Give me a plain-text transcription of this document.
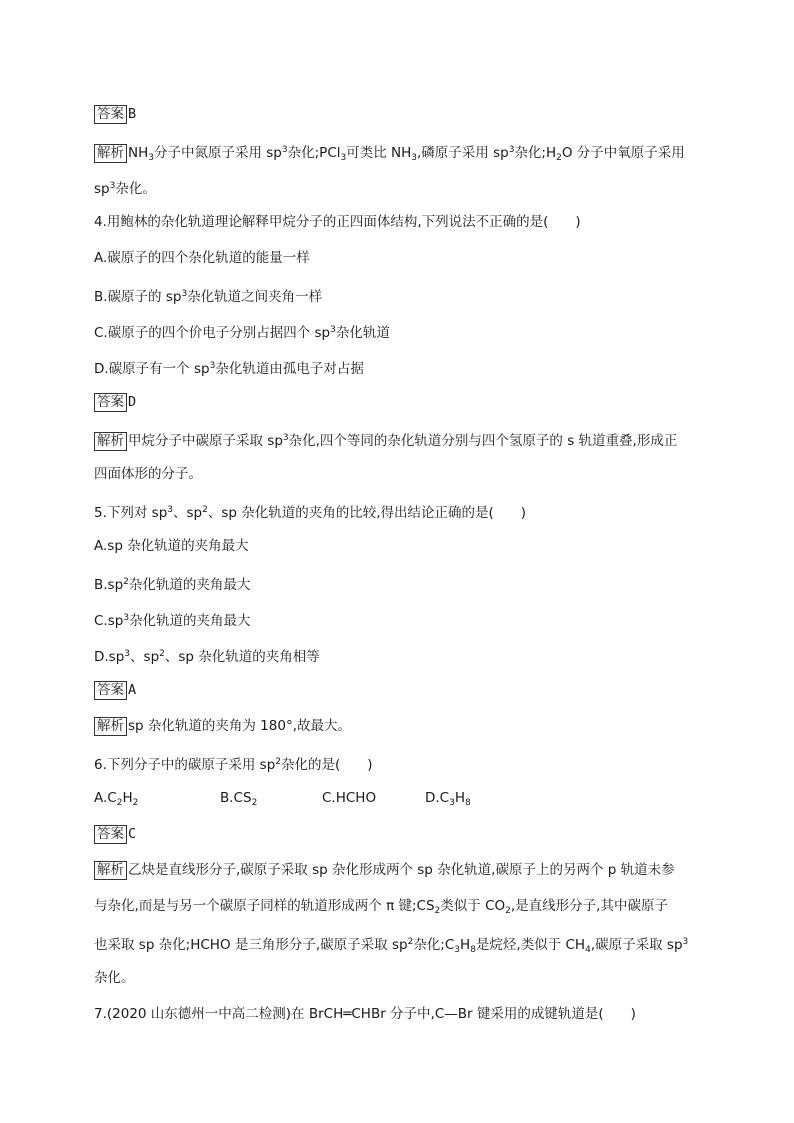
答案 B
解析 $NH_3$分子中氮原子采用 $sp^3$杂化;PCl$_3$可类比 $NH_3$,磷原子采用 $sp^3$杂化$;H_2O$ 分子中氧原子采用
$sp^3$杂化。
4.用鲍林的杂化轨道理论解释甲烷分子的正四面体结构,下列说法不正确的是(　　)
A.碳原子的四个杂化轨道的能量一样
B.碳原子的 $sp^3$杂化轨道之间夹角一样
C.碳原子的四个价电子分别占据四个 $sp^3$杂化轨道
D.碳原子有一个 $sp^3$杂化轨道由孤电子对占据
答案 D
解析 甲烷分子中碳原子采取 $sp^3$杂化,四个等同的杂化轨道分别与四个氢原子的 s 轨道重叠,形成正
四面体形的分子。
5.下列对 $sp^3$、$sp^2$、sp 杂化轨道的夹角的比较,得出结论正确的是(　　)
A.sp 杂化轨道的夹角最大
$B.sp^2$杂化轨道的夹角最大
$C.sp^3$杂化轨道的夹角最大
$D.sp^3$、$sp^2$、sp 杂化轨道的夹角相等
答案 A
解析 sp 杂化轨道的夹角为 180°,故最大。
6.下列分子中的碳原子采用 $sp^2$杂化的是(　　)
$A.C_2H_2$	$B.CS_2$	C.HCHO	$D.C_3H_8$
答案 C
解析 乙炔是直线形分子,碳原子采取 sp 杂化形成两个 sp 杂化轨道,碳原子上的另两个 p 轨道未参
与杂化,而是与另一个碳原子同样的轨道形成两个 π 键$;CS_2$类似于 $CO_2$,是直线形分子,其中碳原子
也采取 sp 杂化;HCHO 是三角形分子,碳原子采取 $sp^2$杂化$;C_3H_8$是烷烃,类似于 $CH_4$,碳原子采取 $sp^3$
杂化。
7.(2020 山东德州一中高二检测)在 BrCH═CHBr 分子中,C—Br 键采用的成键轨道是(　　)
